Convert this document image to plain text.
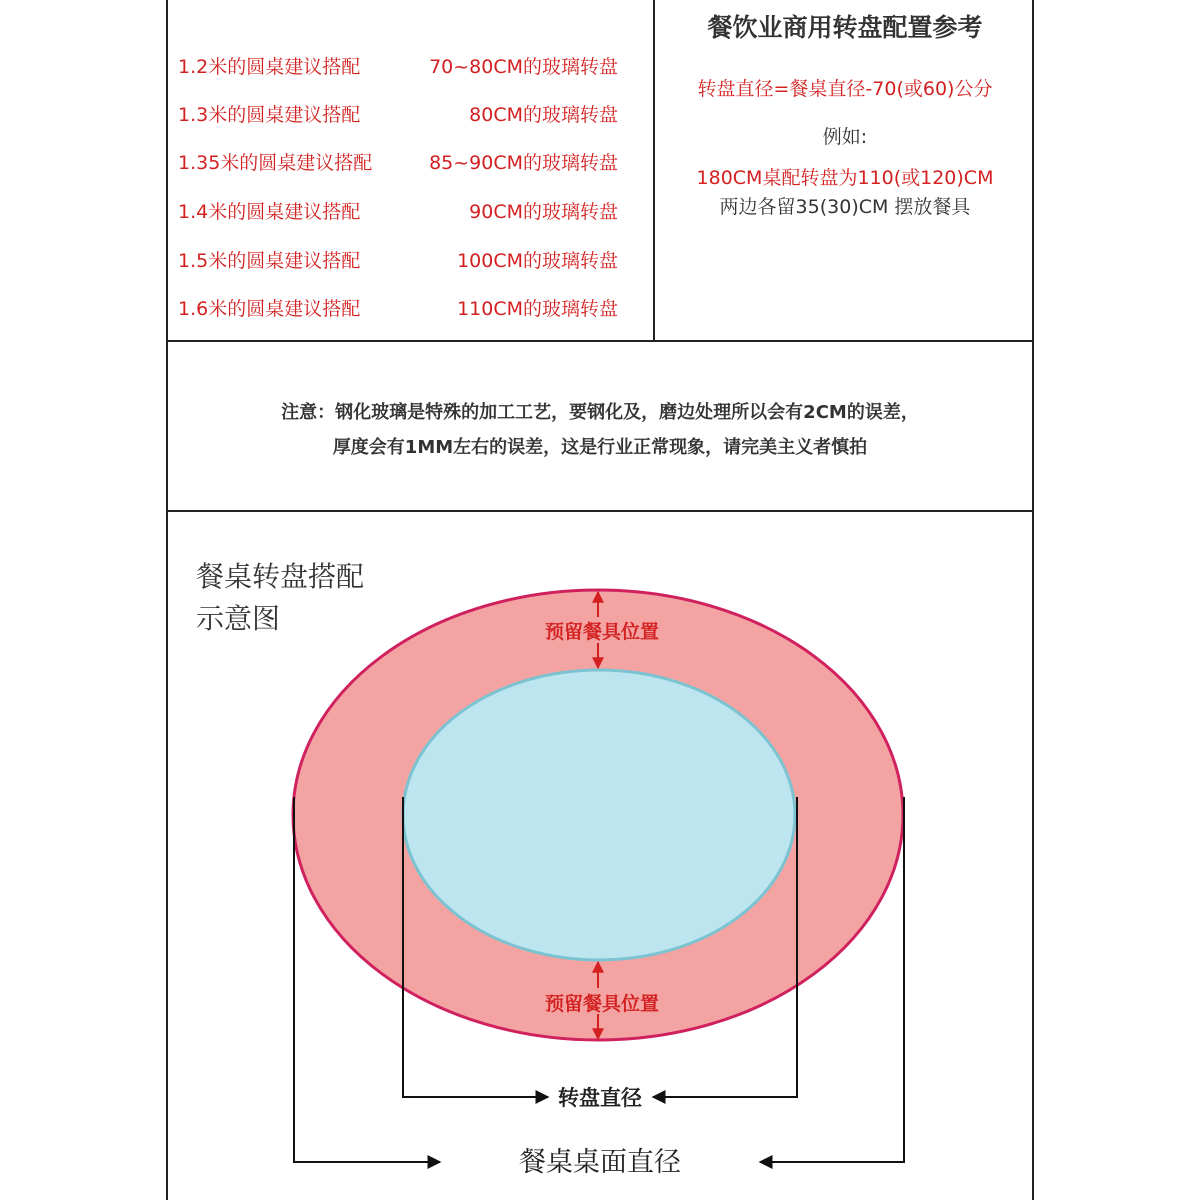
1.2米的圆桌建议搭配	70~80CM的玻璃转盘
1.3米的圆桌建议搭配	80CM的玻璃转盘
1.35米的圆桌建议搭配	85~90CM的玻璃转盘
1.4米的圆桌建议搭配	90CM的玻璃转盘
1.5米的圆桌建议搭配	100CM的玻璃转盘
1.6米的圆桌建议搭配	110CM的玻璃转盘
餐饮业商用转盘配置参考
转盘直径=餐桌直径-70(或60)公分
例如:
180CM桌配转盘为110(或120)CM
两边各留35(30)CM 摆放餐具
注意：钢化玻璃是特殊的加工工艺，要钢化及，磨边处理所以会有2CM的误差，
厚度会有1MM左右的误差，这是行业正常现象，请完美主义者慎拍
餐桌转盘搭配
示意图	预留餐具位置
预留餐具位置
转盘直径
餐桌桌面直径
